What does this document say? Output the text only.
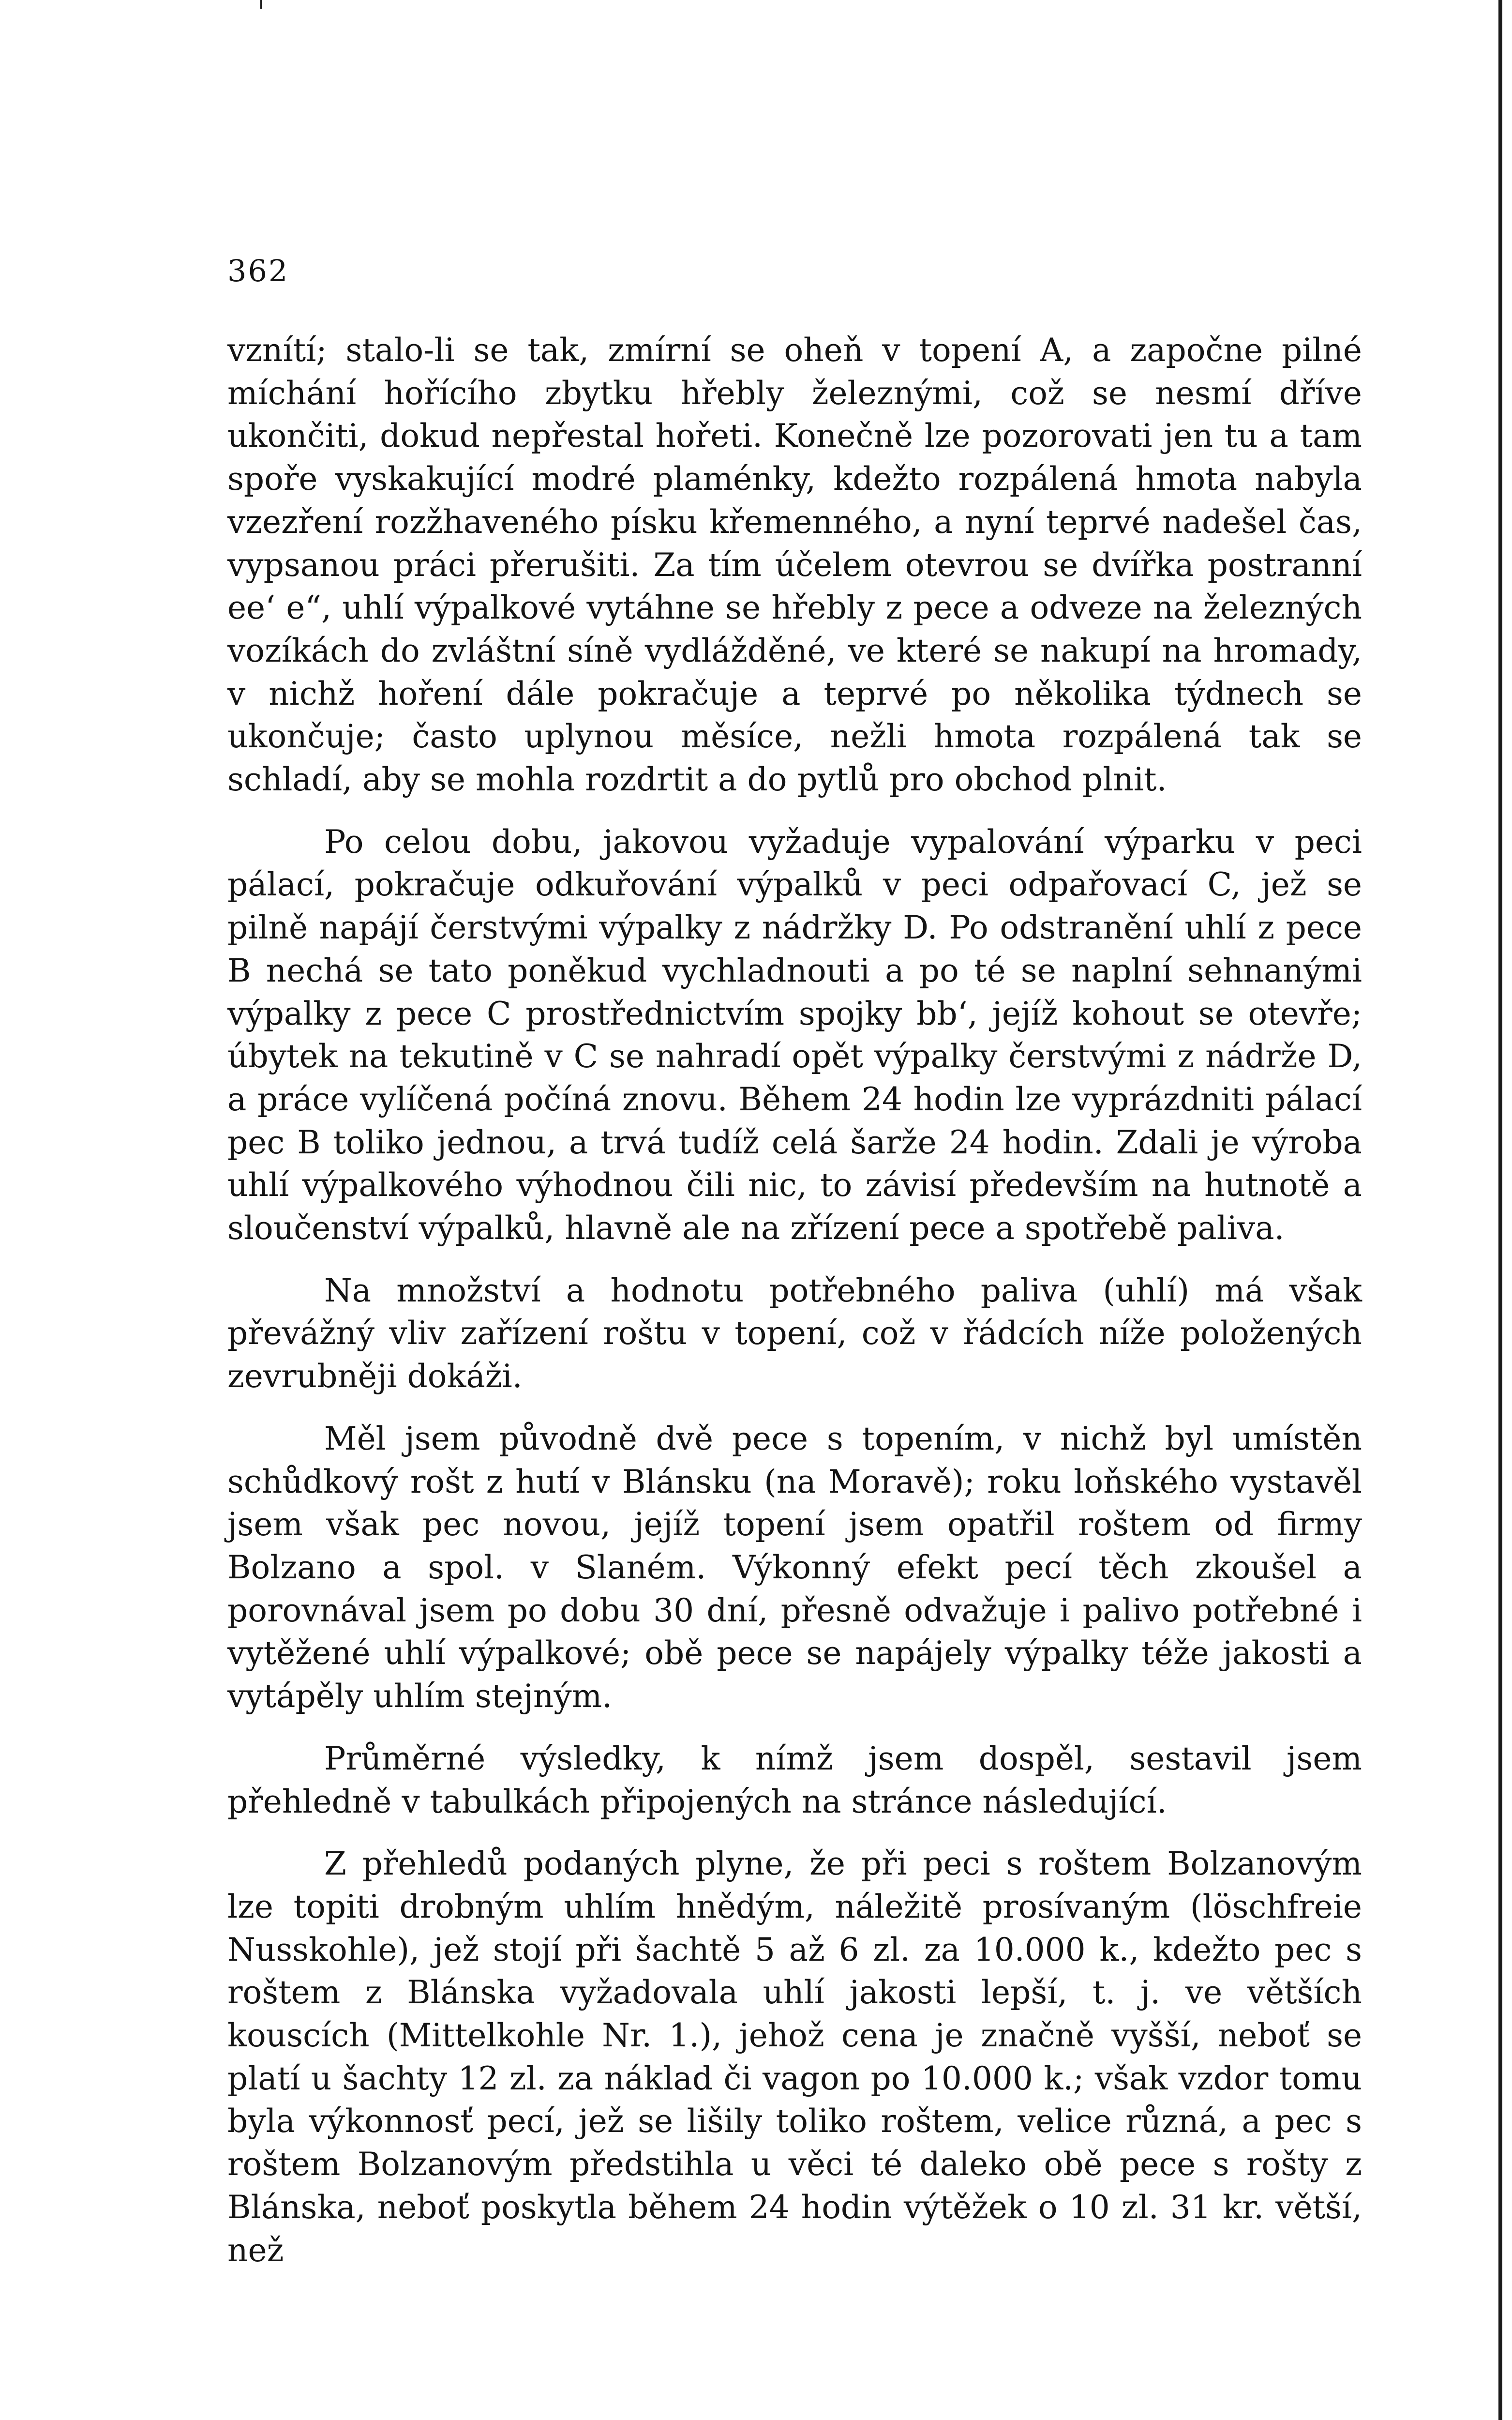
362

vznítí; stalo-li se tak, zmírní se oheň v topení A, a započne pilné míchání hořícího zbytku hřebly železnými, což se nesmí dříve ukončiti, dokud nepřestal hořeti. Konečně lze pozorovati jen tu a tam spoře vyskakující modré plaménky, kdežto rozpálená hmota nabyla vzezření rozžhaveného písku křemenného, a nyní teprvé nadešel čas, vypsanou práci přerušiti. Za tím účelem otevrou se dvířka postranní ee‘ e“, uhlí výpalkové vytáhne se hřebly z pece a odveze na železných vozíkách do zvláštní síně vydlážděné, ve které se nakupí na hromady, v nichž hoření dále pokračuje a teprvé po několika týdnech se ukončuje; často uplynou měsíce, nežli hmota rozpálená tak se schladí, aby se mohla rozdrtit a do pytlů pro obchod plnit.

Po celou dobu, jakovou vyžaduje vypalování výparku v peci pálací, pokračuje odkuřování výpalků v peci odpařovací C, jež se pilně napájí čerstvými výpalky z nádržky D. Po odstranění uhlí z pece B nechá se tato poněkud vychladnouti a po té se naplní sehnanými výpalky z pece C prostřednictvím spojky bb‘, jejíž kohout se otevře; úbytek na tekutině v C se nahradí opět výpalky čerstvými z nádrže D, a práce vylíčená počíná znovu. Během 24 hodin lze vyprázdniti pálací pec B toliko jednou, a trvá tudíž celá šarže 24 hodin. Zdali je výroba uhlí výpalkového výhodnou čili nic, to závisí především na hutnotě a sloučenství výpalků, hlavně ale na zřízení pece a spotřebě paliva.

Na množství a hodnotu potřebného paliva (uhlí) má však převážný vliv zařízení roštu v topení, což v řádcích níže položených zevrubněji dokáži.

Měl jsem původně dvě pece s topením, v nichž byl umístěn schůdkový rošt z hutí v Blánsku (na Moravě); roku loňského vystavěl jsem však pec novou, jejíž topení jsem opatřil roštem od firmy Bolzano a spol. v Slaném. Výkonný efekt pecí těch zkoušel a porovnával jsem po dobu 30 dní, přesně odvažuje i palivo potřebné i vytěžené uhlí výpalkové; obě pece se napájely výpalky téže jakosti a vytápěly uhlím stejným.

Průměrné výsledky, k nímž jsem dospěl, sestavil jsem přehledně v tabulkách připojených na stránce následující.

Z přehledů podaných plyne, že při peci s roštem Bolzanovým lze topiti drobným uhlím hnědým, náležitě prosívaným (löschfreie Nusskohle), jež stojí při šachtě 5 až 6 zl. za 10.000 k., kdežto pec s roštem z Blánska vyžadovala uhlí jakosti lepší, t. j. ve větších kouscích (Mittelkohle Nr. 1.), jehož cena je značně vyšší, neboť se platí u šachty 12 zl. za náklad či vagon po 10.000 k.; však vzdor tomu byla výkonnosť pecí, jež se lišily toliko roštem, velice různá, a pec s roštem Bolzanovým předstihla u věci té daleko obě pece s rošty z Blánska, neboť poskytla během 24 hodin výtěžek o 10 zl. 31 kr. větší, než
